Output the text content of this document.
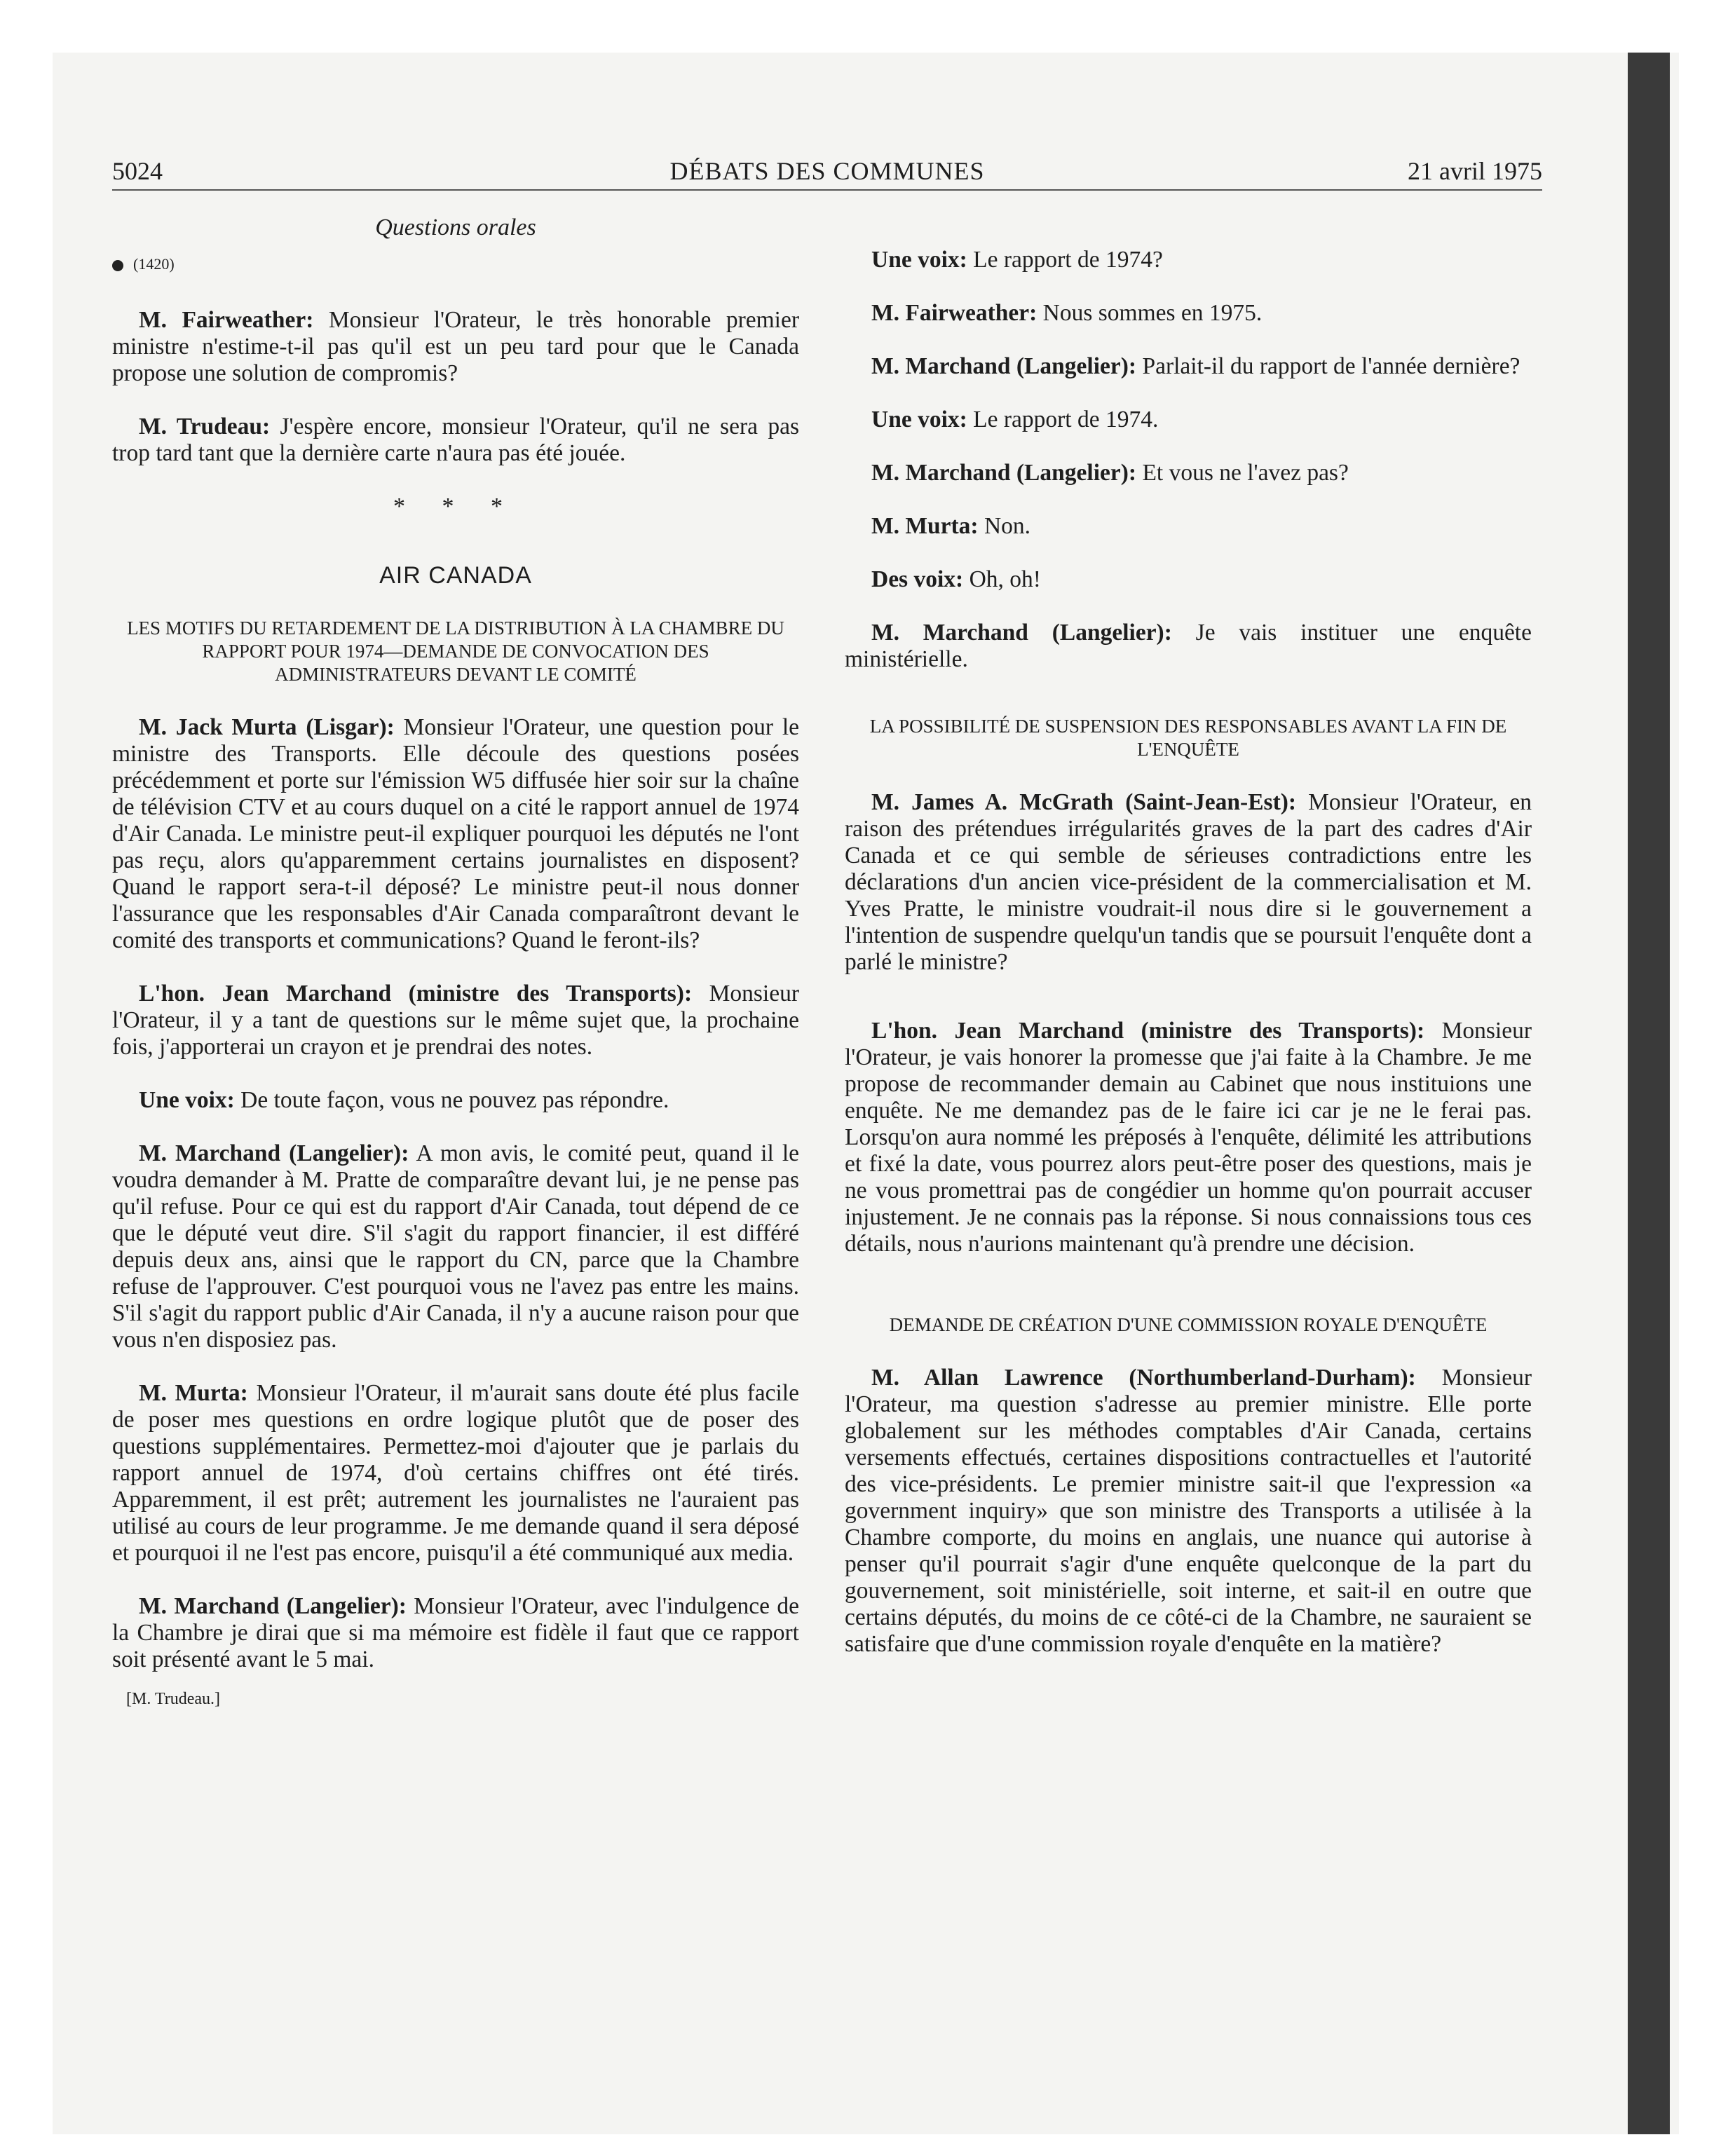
5024	DÉBATS DES COMMUNES	21 avril 1975
Questions orales
(1420)

M. Fairweather: Monsieur l'Orateur, le très honorable premier ministre n'estime-t-il pas qu'il est un peu tard pour que le Canada propose une solution de compromis?

M. Trudeau: J'espère encore, monsieur l'Orateur, qu'il ne sera pas trop tard tant que la dernière carte n'aura pas été jouée.

* * *
AIR CANADA
LES MOTIFS DU RETARDEMENT DE LA DISTRIBUTION À LA CHAMBRE DU RAPPORT POUR 1974—DEMANDE DE CONVOCATION DES ADMINISTRATEURS DEVANT LE COMITÉ

M. Jack Murta (Lisgar): Monsieur l'Orateur, une question pour le ministre des Transports. Elle découle des questions posées précédemment et porte sur l'émission W5 diffusée hier soir sur la chaîne de télévision CTV et au cours duquel on a cité le rapport annuel de 1974 d'Air Canada. Le ministre peut-il expliquer pourquoi les députés ne l'ont pas reçu, alors qu'apparemment certains journalistes en disposent? Quand le rapport sera-t-il déposé? Le ministre peut-il nous donner l'assurance que les responsables d'Air Canada comparaîtront devant le comité des transports et communications? Quand le feront-ils?

L'hon. Jean Marchand (ministre des Transports): Monsieur l'Orateur, il y a tant de questions sur le même sujet que, la prochaine fois, j'apporterai un crayon et je prendrai des notes.

Une voix: De toute façon, vous ne pouvez pas répondre.

M. Marchand (Langelier): A mon avis, le comité peut, quand il le voudra demander à M. Pratte de comparaître devant lui, je ne pense pas qu'il refuse. Pour ce qui est du rapport d'Air Canada, tout dépend de ce que le député veut dire. S'il s'agit du rapport financier, il est différé depuis deux ans, ainsi que le rapport du CN, parce que la Chambre refuse de l'approuver. C'est pourquoi vous ne l'avez pas entre les mains. S'il s'agit du rapport public d'Air Canada, il n'y a aucune raison pour que vous n'en disposiez pas.

M. Murta: Monsieur l'Orateur, il m'aurait sans doute été plus facile de poser mes questions en ordre logique plutôt que de poser des questions supplémentaires. Permettez-moi d'ajouter que je parlais du rapport annuel de 1974, d'où certains chiffres ont été tirés. Apparemment, il est prêt; autrement les journalistes ne l'auraient pas utilisé au cours de leur programme. Je me demande quand il sera déposé et pourquoi il ne l'est pas encore, puisqu'il a été communiqué aux media.

M. Marchand (Langelier): Monsieur l'Orateur, avec l'indulgence de la Chambre je dirai que si ma mémoire est fidèle il faut que ce rapport soit présenté avant le 5 mai.

[M. Trudeau.]

Une voix: Le rapport de 1974?

M. Fairweather: Nous sommes en 1975.

M. Marchand (Langelier): Parlait-il du rapport de l'année dernière?

Une voix: Le rapport de 1974.

M. Marchand (Langelier): Et vous ne l'avez pas?

M. Murta: Non.

Des voix: Oh, oh!

M. Marchand (Langelier): Je vais instituer une enquête ministérielle.

LA POSSIBILITÉ DE SUSPENSION DES RESPONSABLES AVANT LA FIN DE L'ENQUÊTE

M. James A. McGrath (Saint-Jean-Est): Monsieur l'Orateur, en raison des prétendues irrégularités graves de la part des cadres d'Air Canada et ce qui semble de sérieuses contradictions entre les déclarations d'un ancien vice-président de la commercialisation et M. Yves Pratte, le ministre voudrait-il nous dire si le gouvernement a l'intention de suspendre quelqu'un tandis que se poursuit l'enquête dont a parlé le ministre?

L'hon. Jean Marchand (ministre des Transports): Monsieur l'Orateur, je vais honorer la promesse que j'ai faite à la Chambre. Je me propose de recommander demain au Cabinet que nous instituions une enquête. Ne me demandez pas de le faire ici car je ne le ferai pas. Lorsqu'on aura nommé les préposés à l'enquête, délimité les attributions et fixé la date, vous pourrez alors peut-être poser des questions, mais je ne vous promettrai pas de congédier un homme qu'on pourrait accuser injustement. Je ne connais pas la réponse. Si nous connaissions tous ces détails, nous n'aurions maintenant qu'à prendre une décision.

DEMANDE DE CRÉATION D'UNE COMMISSION ROYALE D'ENQUÊTE

M. Allan Lawrence (Northumberland-Durham): Monsieur l'Orateur, ma question s'adresse au premier ministre. Elle porte globalement sur les méthodes comptables d'Air Canada, certains versements effectués, certaines dispositions contractuelles et l'autorité des vice-présidents. Le premier ministre sait-il que l'expression «a government inquiry» que son ministre des Transports a utilisée à la Chambre comporte, du moins en anglais, une nuance qui autorise à penser qu'il pourrait s'agir d'une enquête quelconque de la part du gouvernement, soit ministérielle, soit interne, et sait-il en outre que certains députés, du moins de ce côté-ci de la Chambre, ne sauraient se satisfaire que d'une commission royale d'enquête en la matière?
